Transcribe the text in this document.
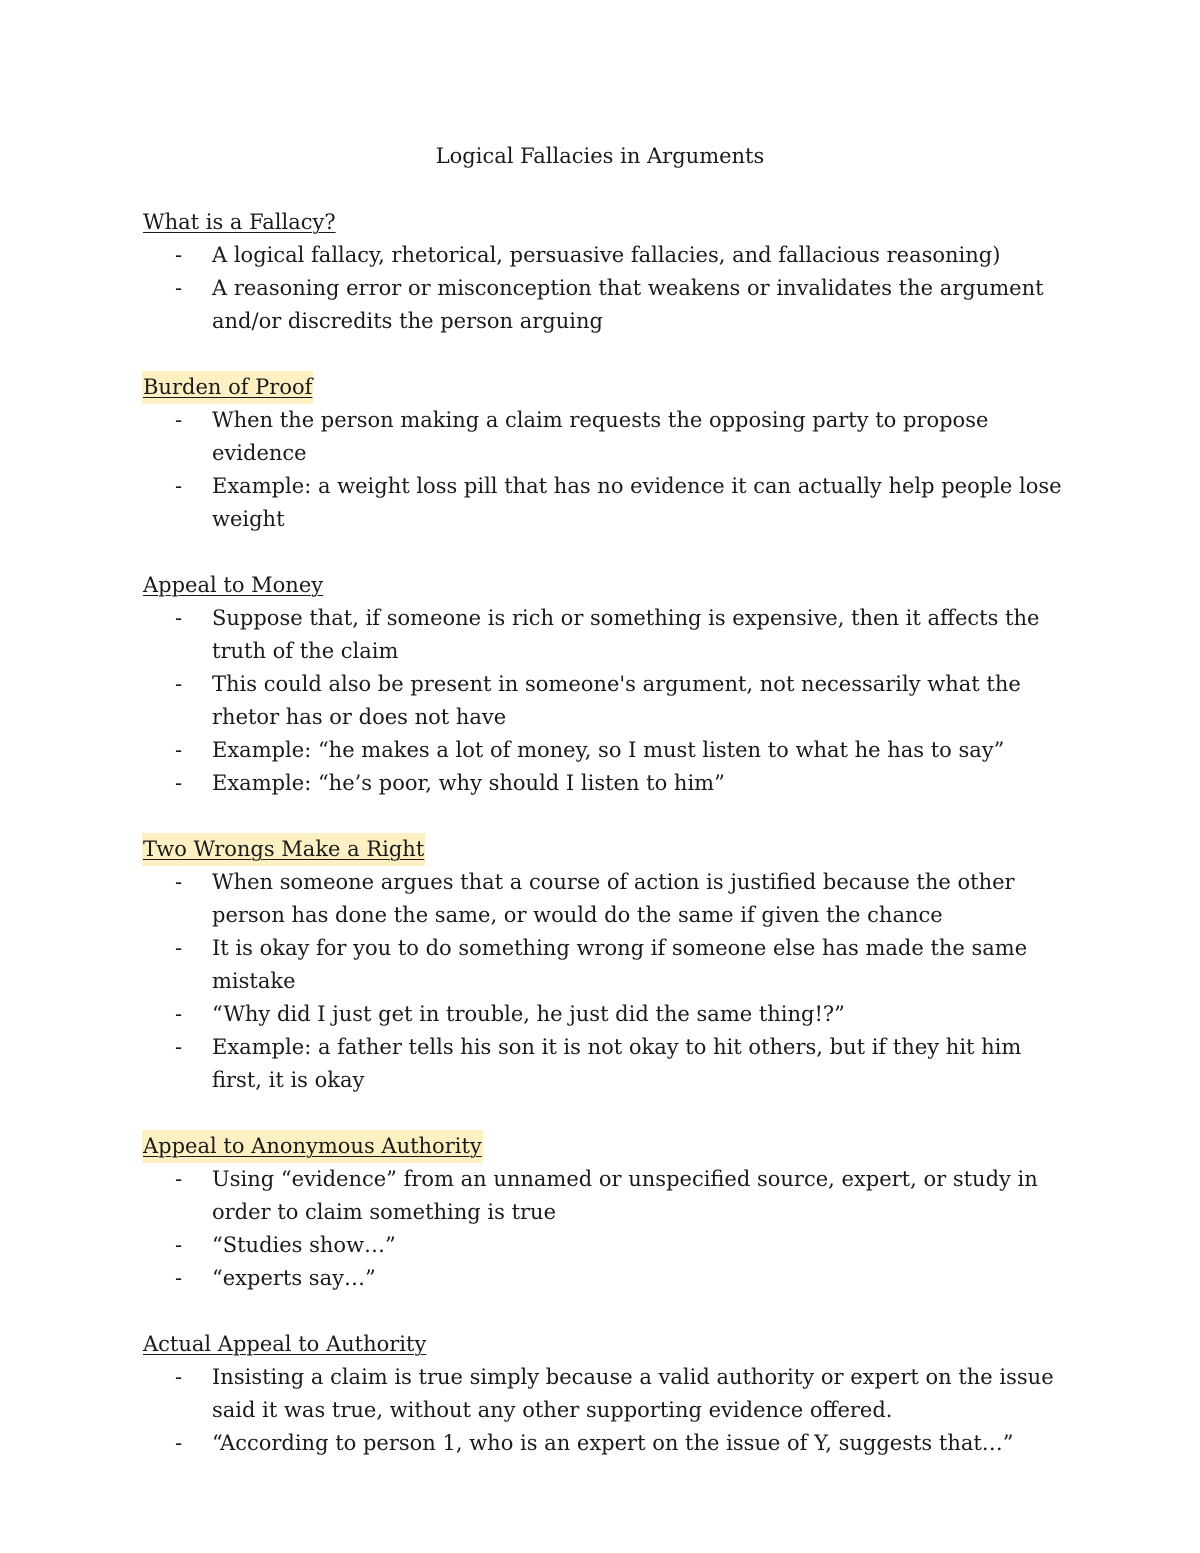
Logical Fallacies in Arguments
What is a Fallacy?
-	A logical fallacy, rhetorical, persuasive fallacies, and fallacious reasoning)
-	A reasoning error or misconception that weakens or invalidates the argument and/or discredits the person arguing
Burden of Proof
-	When the person making a claim requests the opposing party to propose evidence
-	Example: a weight loss pill that has no evidence it can actually help people lose weight
Appeal to Money
-	Suppose that, if someone is rich or something is expensive, then it affects the truth of the claim
-	This could also be present in someone's argument, not necessarily what the rhetor has or does not have
-	Example: “he makes a lot of money, so I must listen to what he has to say”
-	Example: “he’s poor, why should I listen to him”
Two Wrongs Make a Right
-	When someone argues that a course of action is justified because the other person has done the same, or would do the same if given the chance
-	It is okay for you to do something wrong if someone else has made the same mistake
-	“Why did I just get in trouble, he just did the same thing!?”
-	Example: a father tells his son it is not okay to hit others, but if they hit him first, it is okay
Appeal to Anonymous Authority
-	Using “evidence” from an unnamed or unspecified source, expert, or study in order to claim something is true
-	“Studies show…”
-	“experts say…”
Actual Appeal to Authority
-	Insisting a claim is true simply because a valid authority or expert on the issue said it was true, without any other supporting evidence offered.
-	“According to person 1, who is an expert on the issue of Y, suggests that…”
